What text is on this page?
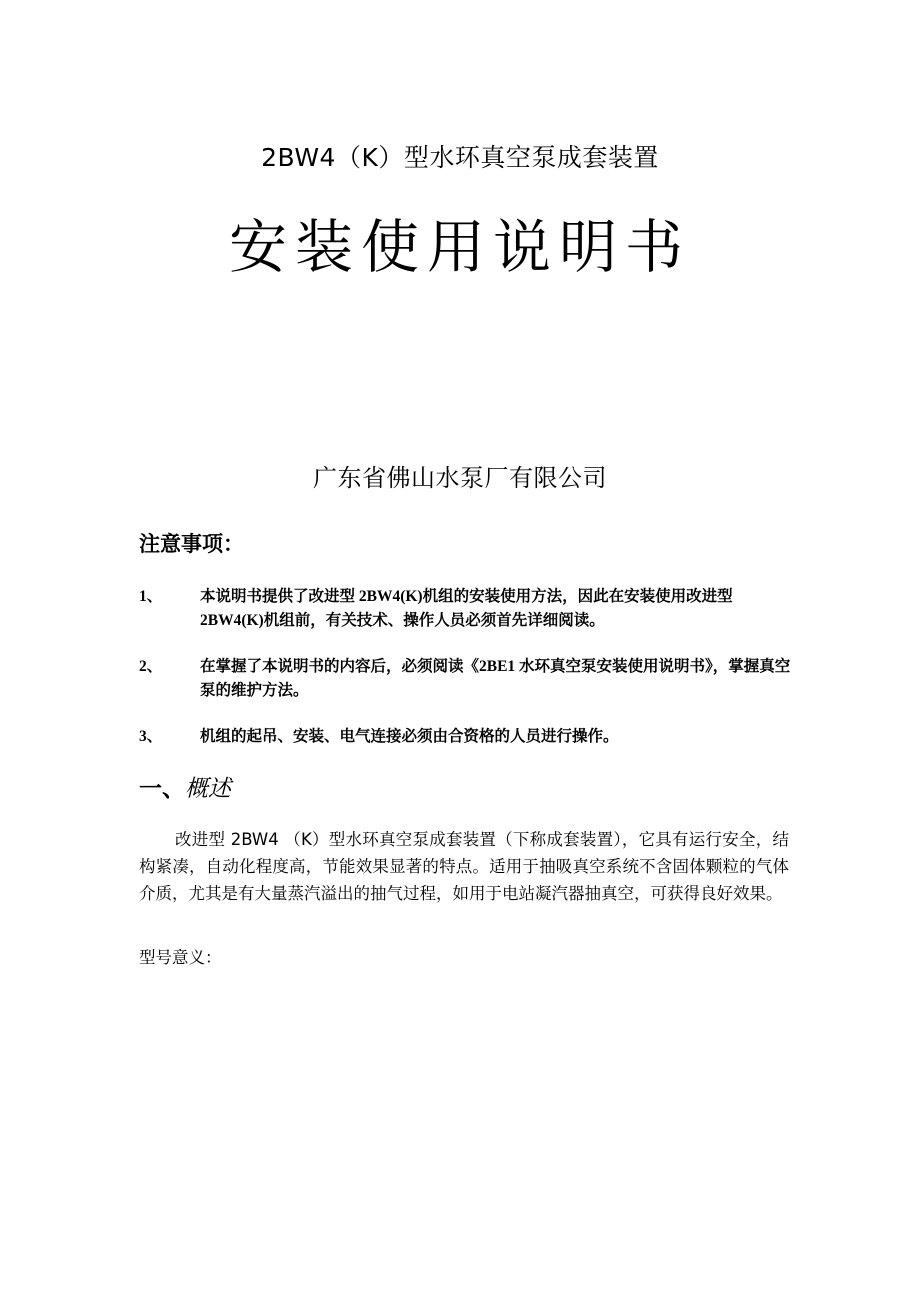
2BW4（K）型水环真空泵成套装置
安装使用说明书
广东省佛山水泵厂有限公司
注意事项：
1、 本说明书提供了改进型 2BW4(K)机组的安装使用方法，因此在安装使用改进型 2BW4(K)机组前，有关技术、操作人员必须首先详细阅读。
2、 在掌握了本说明书的内容后，必须阅读《2BE1 水环真空泵安装使用说明书》，掌握真空泵的维护方法。
3、 机组的起吊、安装、电气连接必须由合资格的人员进行操作。
一、概述

改进型 2BW4 （K）型水环真空泵成套装置（下称成套装置），它具有运行安全，结构紧凑，自动化程度高，节能效果显著的特点。适用于抽吸真空系统不含固体颗粒的气体介质，尤其是有大量蒸汽溢出的抽气过程，如用于电站凝汽器抽真空，可获得良好效果。

型号意义：
